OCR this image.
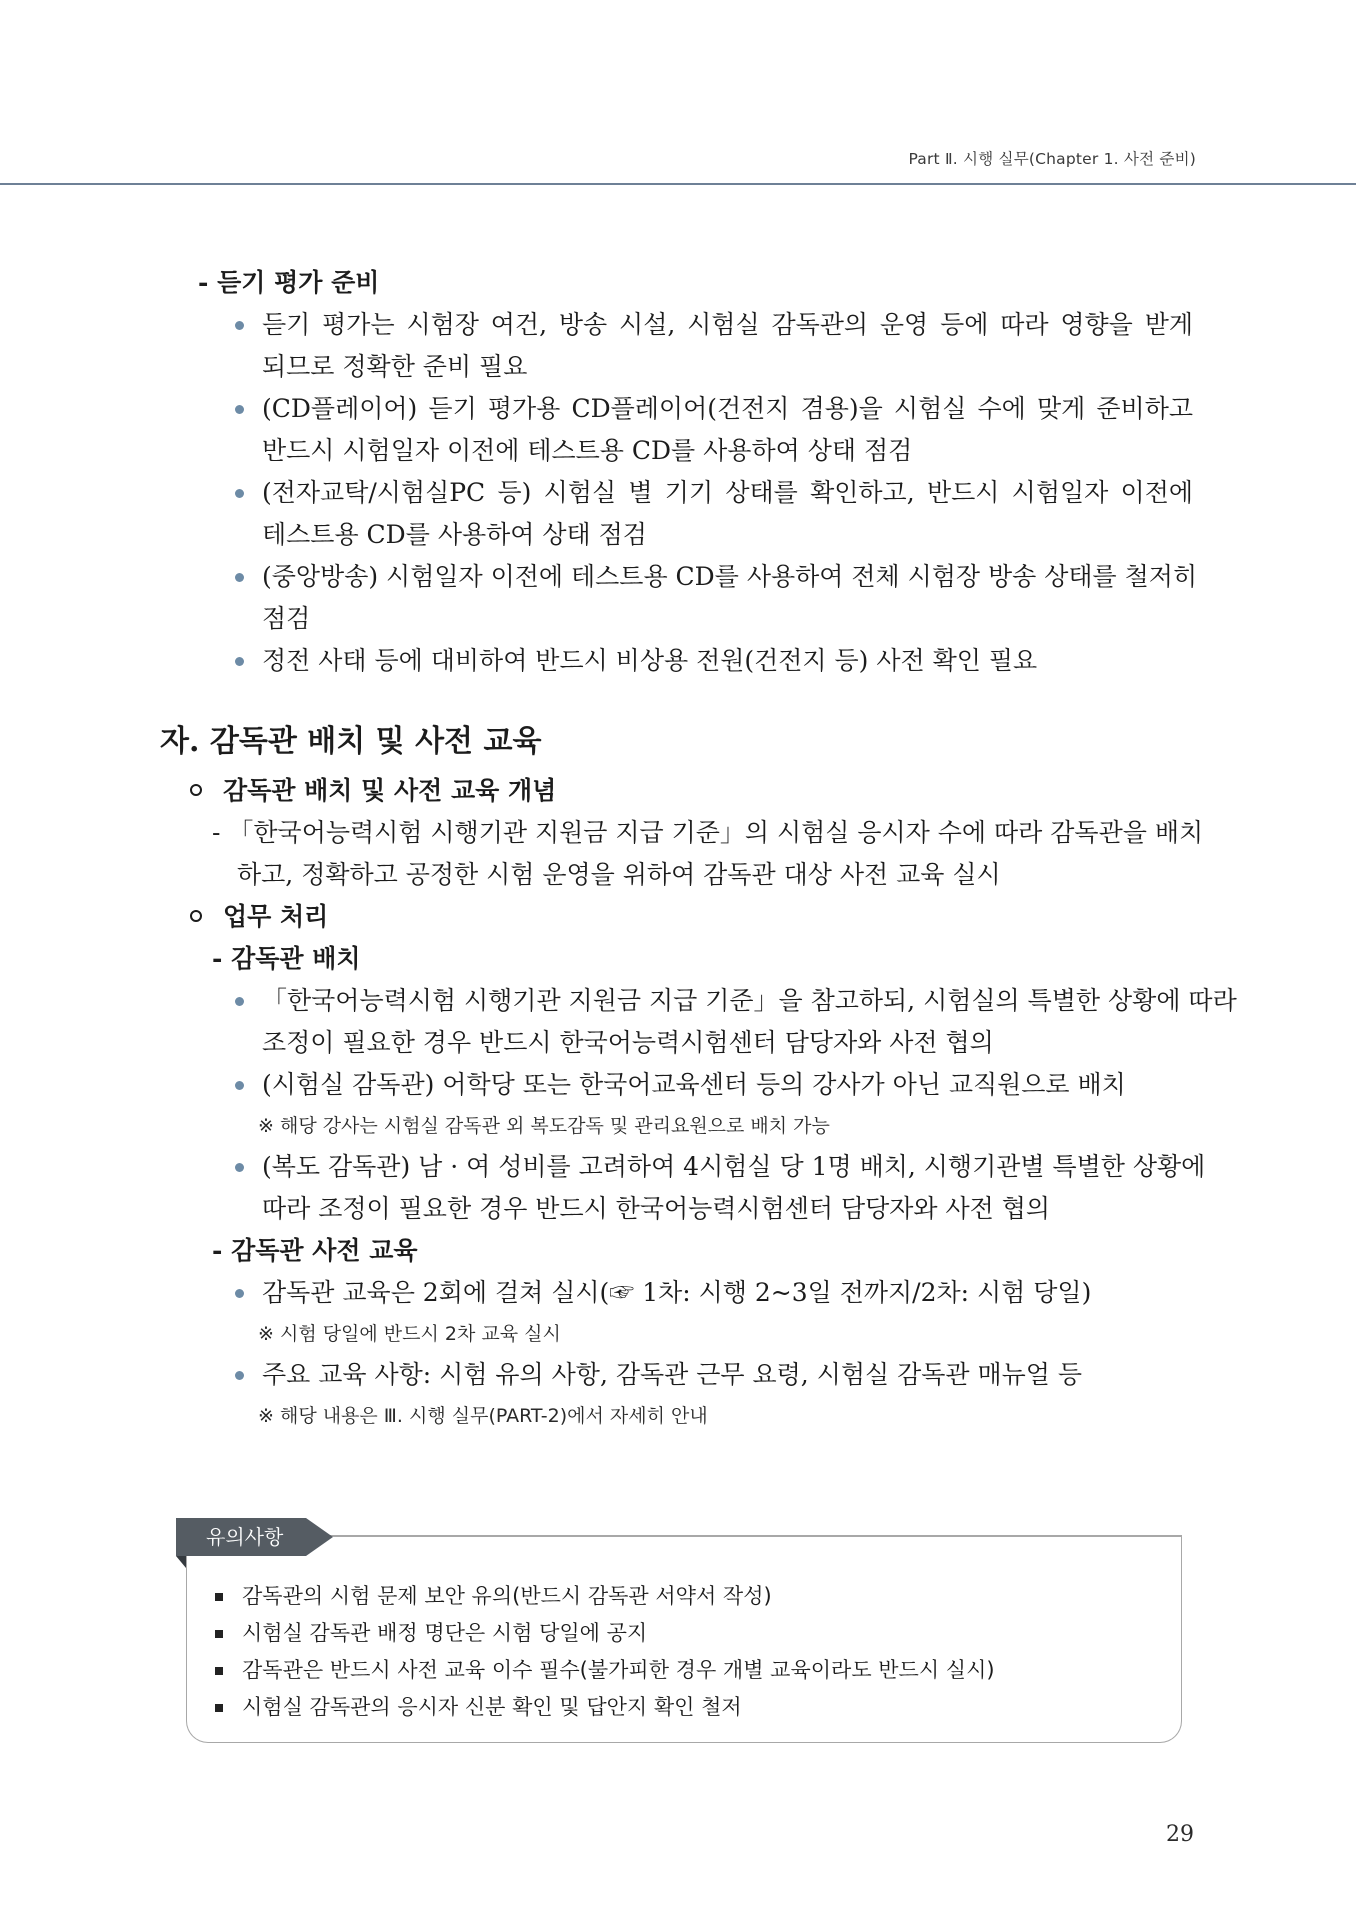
Part Ⅱ. 시행 실무(Chapter 1. 사전 준비)
- 듣기 평가 준비
듣기 평가는 시험장 여건, 방송 시설, 시험실 감독관의 운영 등에 따라 영향을 받게
되므로 정확한 준비 필요
(CD플레이어) 듣기 평가용 CD플레이어(건전지 겸용)을 시험실 수에 맞게 준비하고
반드시 시험일자 이전에 테스트용 CD를 사용하여 상태 점검
(전자교탁/시험실PC 등) 시험실 별 기기 상태를 확인하고, 반드시 시험일자 이전에
테스트용 CD를 사용하여 상태 점검
(중앙방송) 시험일자 이전에 테스트용 CD를 사용하여 전체 시험장 방송 상태를 철저히
점검
정전 사태 등에 대비하여 반드시 비상용 전원(건전지 등) 사전 확인 필요
자. 감독관 배치 및 사전 교육
감독관 배치 및 사전 교육 개념
- 「한국어능력시험 시행기관 지원금 지급 기준」의 시험실 응시자 수에 따라 감독관을 배치
하고, 정확하고 공정한 시험 운영을 위하여 감독관 대상 사전 교육 실시
업무 처리
- 감독관 배치
「한국어능력시험 시행기관 지원금 지급 기준」을 참고하되, 시험실의 특별한 상황에 따라
조정이 필요한 경우 반드시 한국어능력시험센터 담당자와 사전 협의
(시험실 감독관) 어학당 또는 한국어교육센터 등의 강사가 아닌 교직원으로 배치
※ 해당 강사는 시험실 감독관 외 복도감독 및 관리요원으로 배치 가능
(복도 감독관) 남 · 여 성비를 고려하여 4시험실 당 1명 배치, 시행기관별 특별한 상황에
따라 조정이 필요한 경우 반드시 한국어능력시험센터 담당자와 사전 협의
- 감독관 사전 교육
감독관 교육은 2회에 걸쳐 실시(☞ 1차: 시행 2~3일 전까지/2차: 시험 당일)
※ 시험 당일에 반드시 2차 교육 실시
주요 교육 사항: 시험 유의 사항, 감독관 근무 요령, 시험실 감독관 매뉴얼 등
※ 해당 내용은 Ⅲ. 시행 실무(PART-2)에서 자세히 안내
유의사항
감독관의 시험 문제 보안 유의(반드시 감독관 서약서 작성)
시험실 감독관 배정 명단은 시험 당일에 공지
감독관은 반드시 사전 교육 이수 필수(불가피한 경우 개별 교육이라도 반드시 실시)
시험실 감독관의 응시자 신분 확인 및 답안지 확인 철저
29
